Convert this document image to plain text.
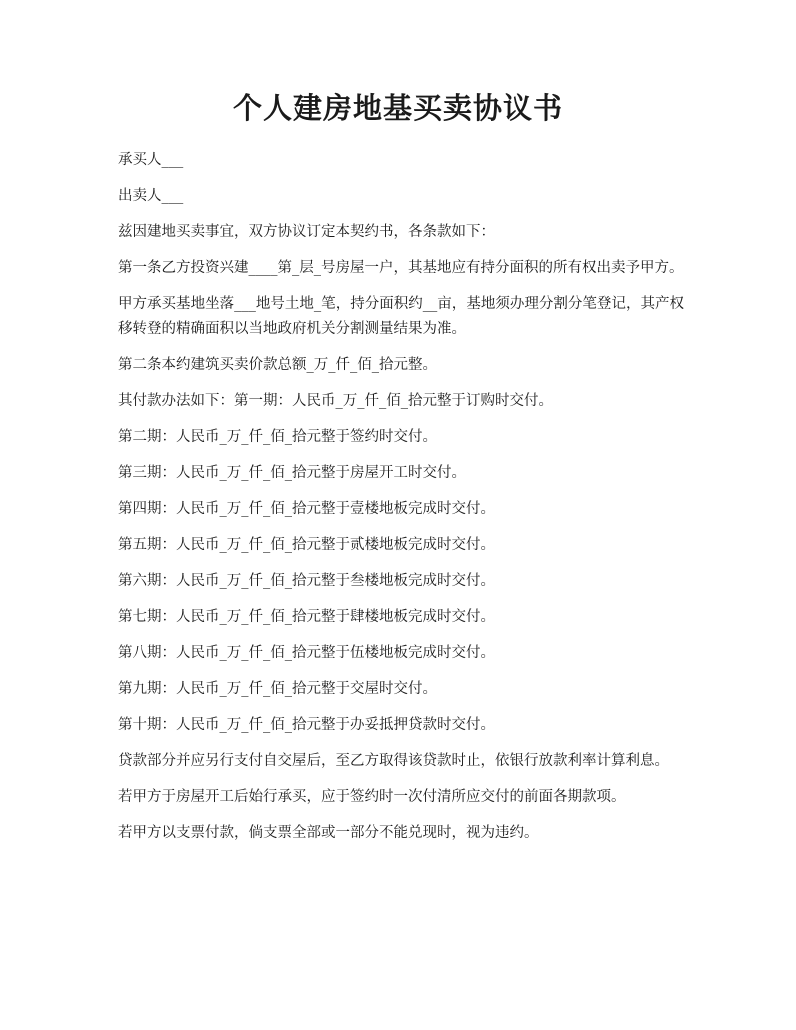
个人建房地基买卖协议书

承买人___

出卖人___

兹因建地买卖事宜，双方协议订定本契约书，各条款如下：

第一条乙方投资兴建____第_层_号房屋一户，其基地应有持分面积的所有权出卖予甲方。

甲方承买基地坐落___地号土地_笔，持分面积约__亩，基地须办理分割分笔登记，其产权移转登的精确面积以当地政府机关分割测量结果为准。

第二条本约建筑买卖价款总额_万_仟_佰_拾元整。

其付款办法如下：第一期：人民币_万_仟_佰_拾元整于订购时交付。

第二期：人民币_万_仟_佰_拾元整于签约时交付。

第三期：人民币_万_仟_佰_拾元整于房屋开工时交付。

第四期：人民币_万_仟_佰_拾元整于壹楼地板完成时交付。

第五期：人民币_万_仟_佰_拾元整于贰楼地板完成时交付。

第六期：人民币_万_仟_佰_拾元整于叁楼地板完成时交付。

第七期：人民币_万_仟_佰_拾元整于肆楼地板完成时交付。

第八期：人民币_万_仟_佰_拾元整于伍楼地板完成时交付。

第九期：人民币_万_仟_佰_拾元整于交屋时交付。

第十期：人民币_万_仟_佰_拾元整于办妥抵押贷款时交付。

贷款部分并应另行支付自交屋后，至乙方取得该贷款时止，依银行放款利率计算利息。

若甲方于房屋开工后始行承买，应于签约时一次付清所应交付的前面各期款项。

若甲方以支票付款，倘支票全部或一部分不能兑现时，视为违约。
